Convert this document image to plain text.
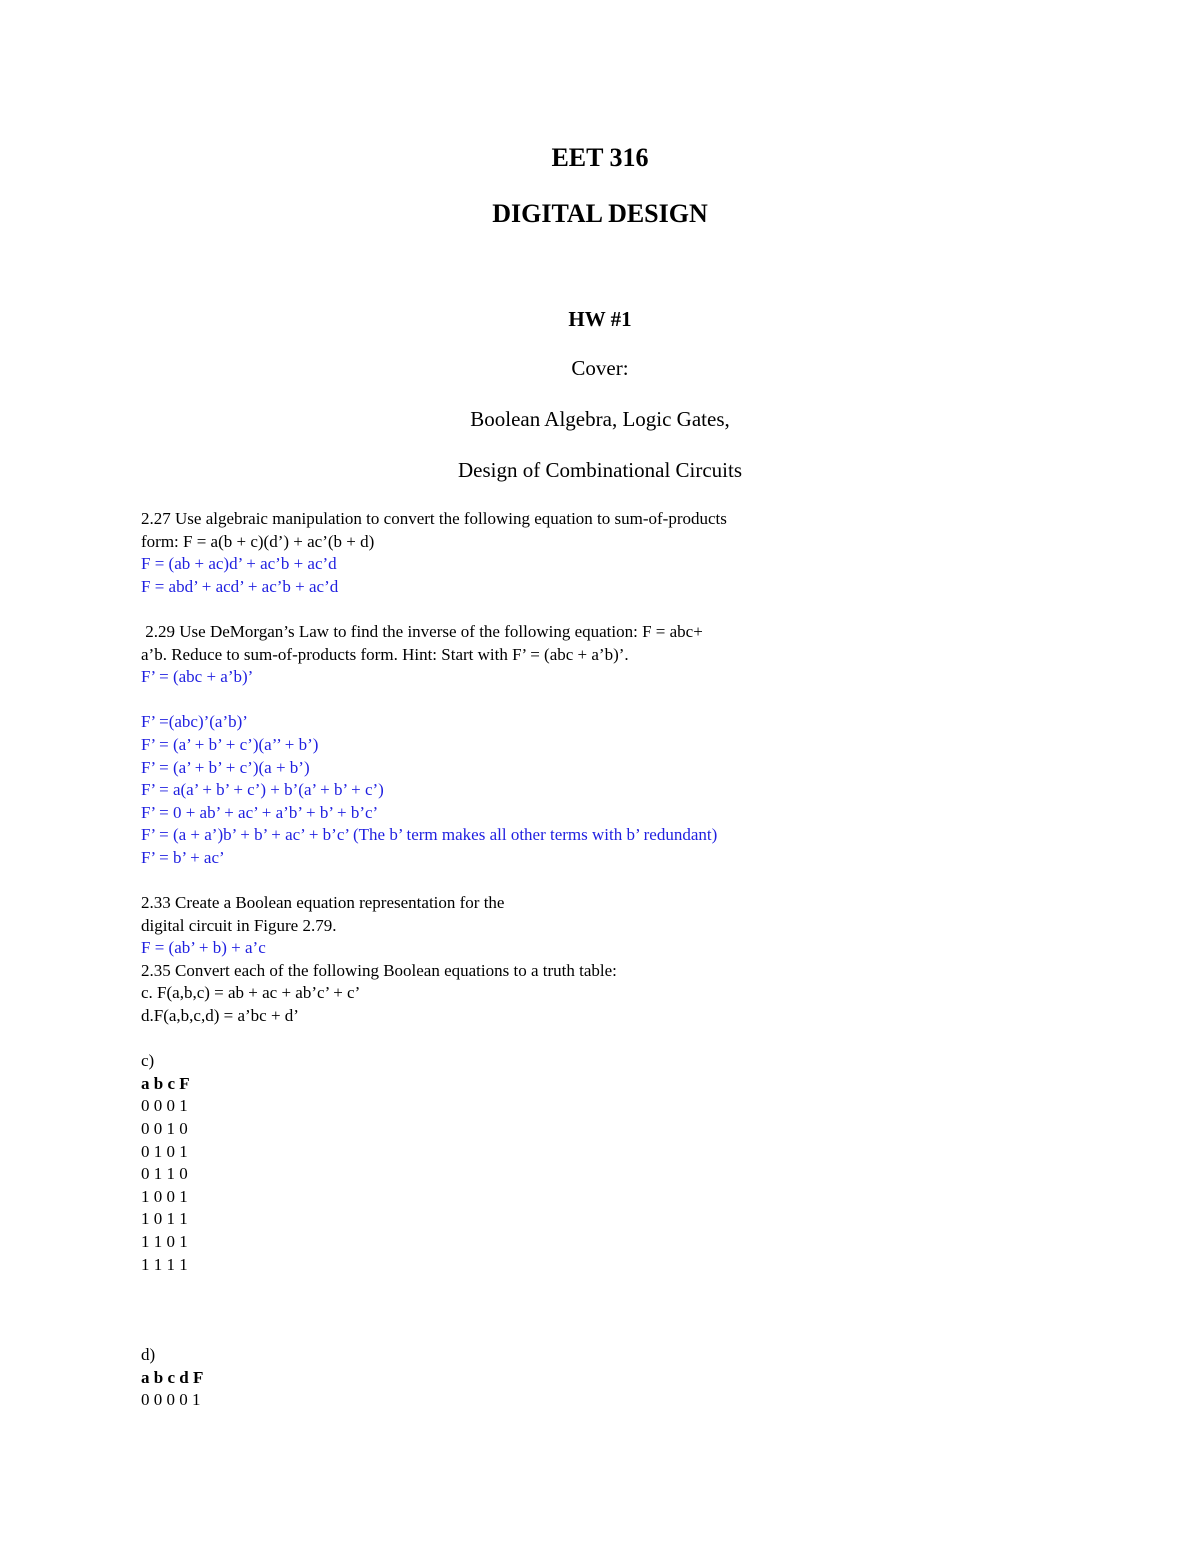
EET 316
DIGITAL DESIGN
HW #1
Cover:
Boolean Algebra, Logic Gates,
Design of Combinational Circuits
2.27 Use algebraic manipulation to convert the following equation to sum-of-products
form: F = a(b + c)(d’) + ac’(b + d)
F = (ab + ac)d’ + ac’b + ac’d
F = abd’ + acd’ + ac’b + ac’d
2.29 Use DeMorgan’s Law to find the inverse of the following equation: F = abc+
a’b. Reduce to sum-of-products form. Hint: Start with F’ = (abc + a’b)’.
F’ = (abc + a’b)’
F’ =(abc)’(a’b)’
F’ = (a’ + b’ + c’)(a’’ + b’)
F’ = (a’ + b’ + c’)(a + b’)
F’ = a(a’ + b’ + c’) + b’(a’ + b’ + c’)
F’ = 0 + ab’ + ac’ + a’b’ + b’ + b’c’
F’ = (a + a’)b’ + b’ + ac’ + b’c’ (The b’ term makes all other terms with b’ redundant)
F’ = b’ + ac’
2.33 Create a Boolean equation representation for the
digital circuit in Figure 2.79.
F = (ab’ + b) + a’c
2.35 Convert each of the following Boolean equations to a truth table:
c. F(a,b,c) = ab + ac + ab’c’ + c’
d.F(a,b,c,d) = a’bc + d’
c)
a b c F
0 0 0 1
0 0 1 0
0 1 0 1
0 1 1 0
1 0 0 1
1 0 1 1
1 1 0 1
1 1 1 1
d)
a b c d F
0 0 0 0 1
